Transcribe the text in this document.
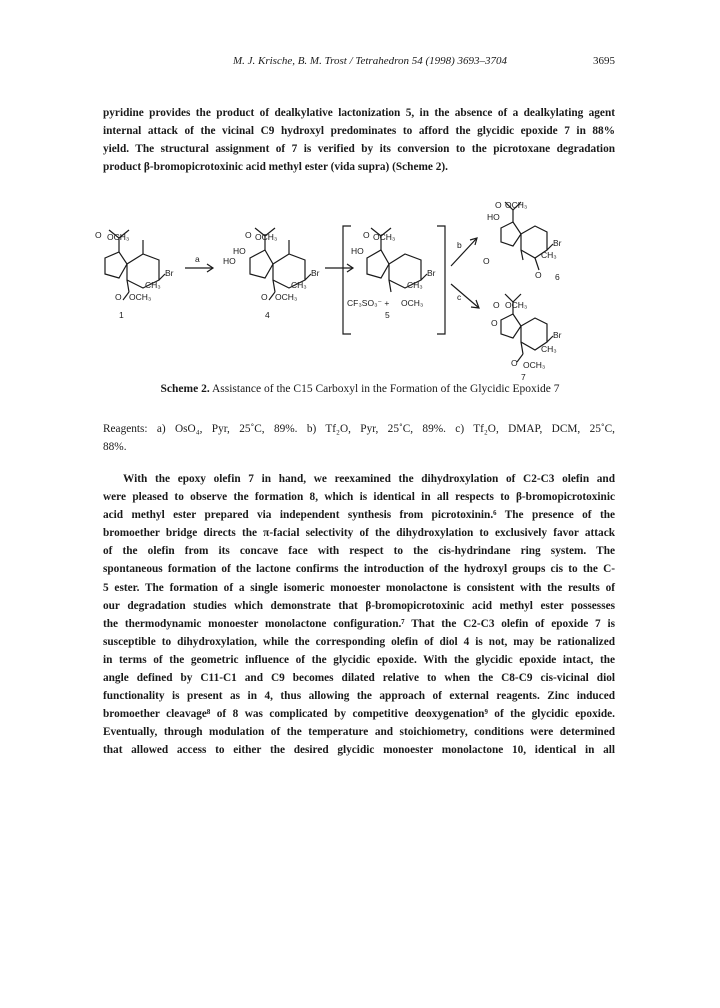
M. J. Krische, B. M. Trost / Tetrahedron 54 (1998) 3693–3704	3695
pyridine provides the product of dealkylative lactonization 5, in the absence of a dealkylating agent
internal attack of the vicinal C9 hydroxyl predominates to afford the glycidic epoxide 7 in 88%
yield. The structural assignment of 7 is verified by its conversion to the picrotoxane degradation
product β-bromopicrotoxinic acid methyl ester (vida supra) (Scheme 2).
O OCH₃
Br
CH₃
O OCH₃
1
a
O OCH₃
HO
HO
Br
CH₃
O OCH₃
4
O OCH₃
HO
Br
CH₃
CF₃SO₃⁻ + OCH₃
5
b
c
O OCH₃
HO
Br
CH₃
O
O 6
O OCH₃
O
Br
CH₃
O OCH₃
7
Scheme 2. Assistance of the C15 Carboxyl in the Formation of the Glycidic Epoxide 7
Reagents: a) OsO₄, Pyr, 25˚C, 89%. b) Tf₂O, Pyr, 25˚C, 89%. c) Tf₂O, DMAP, DCM, 25˚C,
88%.
With the epoxy olefin 7 in hand, we reexamined the dihydroxylation of C2-C3 olefin and
were pleased to observe the formation 8, which is identical in all respects to β-bromopicrotoxinic
acid methyl ester prepared via independent synthesis from picrotoxinin.⁶ The presence of the
bromoether bridge directs the π-facial selectivity of the dihydroxylation to exclusively favor attack
of the olefin from its concave face with respect to the cis-hydrindane ring system. The
spontaneous formation of the lactone confirms the introduction of the hydroxyl groups cis to the C-
5 ester. The formation of a single isomeric monoester monolactone is consistent with the results of
our degradation studies which demonstrate that β-bromopicrotoxinic acid methyl ester possesses
the thermodynamic monoester monolactone configuration.⁷ That the C2-C3 olefin of epoxide 7 is
susceptible to dihydroxylation, while the corresponding olefin of diol 4 is not, may be rationalized
in terms of the geometric influence of the glycidic epoxide. With the glycidic epoxide intact, the
angle defined by C11-C1 and C9 becomes dilated relative to when the C8-C9 cis-vicinal diol
functionality is present as in 4, thus allowing the approach of external reagents. Zinc induced
bromoether cleavage⁸ of 8 was complicated by competitive deoxygenation⁹ of the glycidic epoxide.
Eventually, through modulation of the temperature and stoichiometry, conditions were determined
that allowed access to either the desired glycidic monoester monolactone 10, identical in all
